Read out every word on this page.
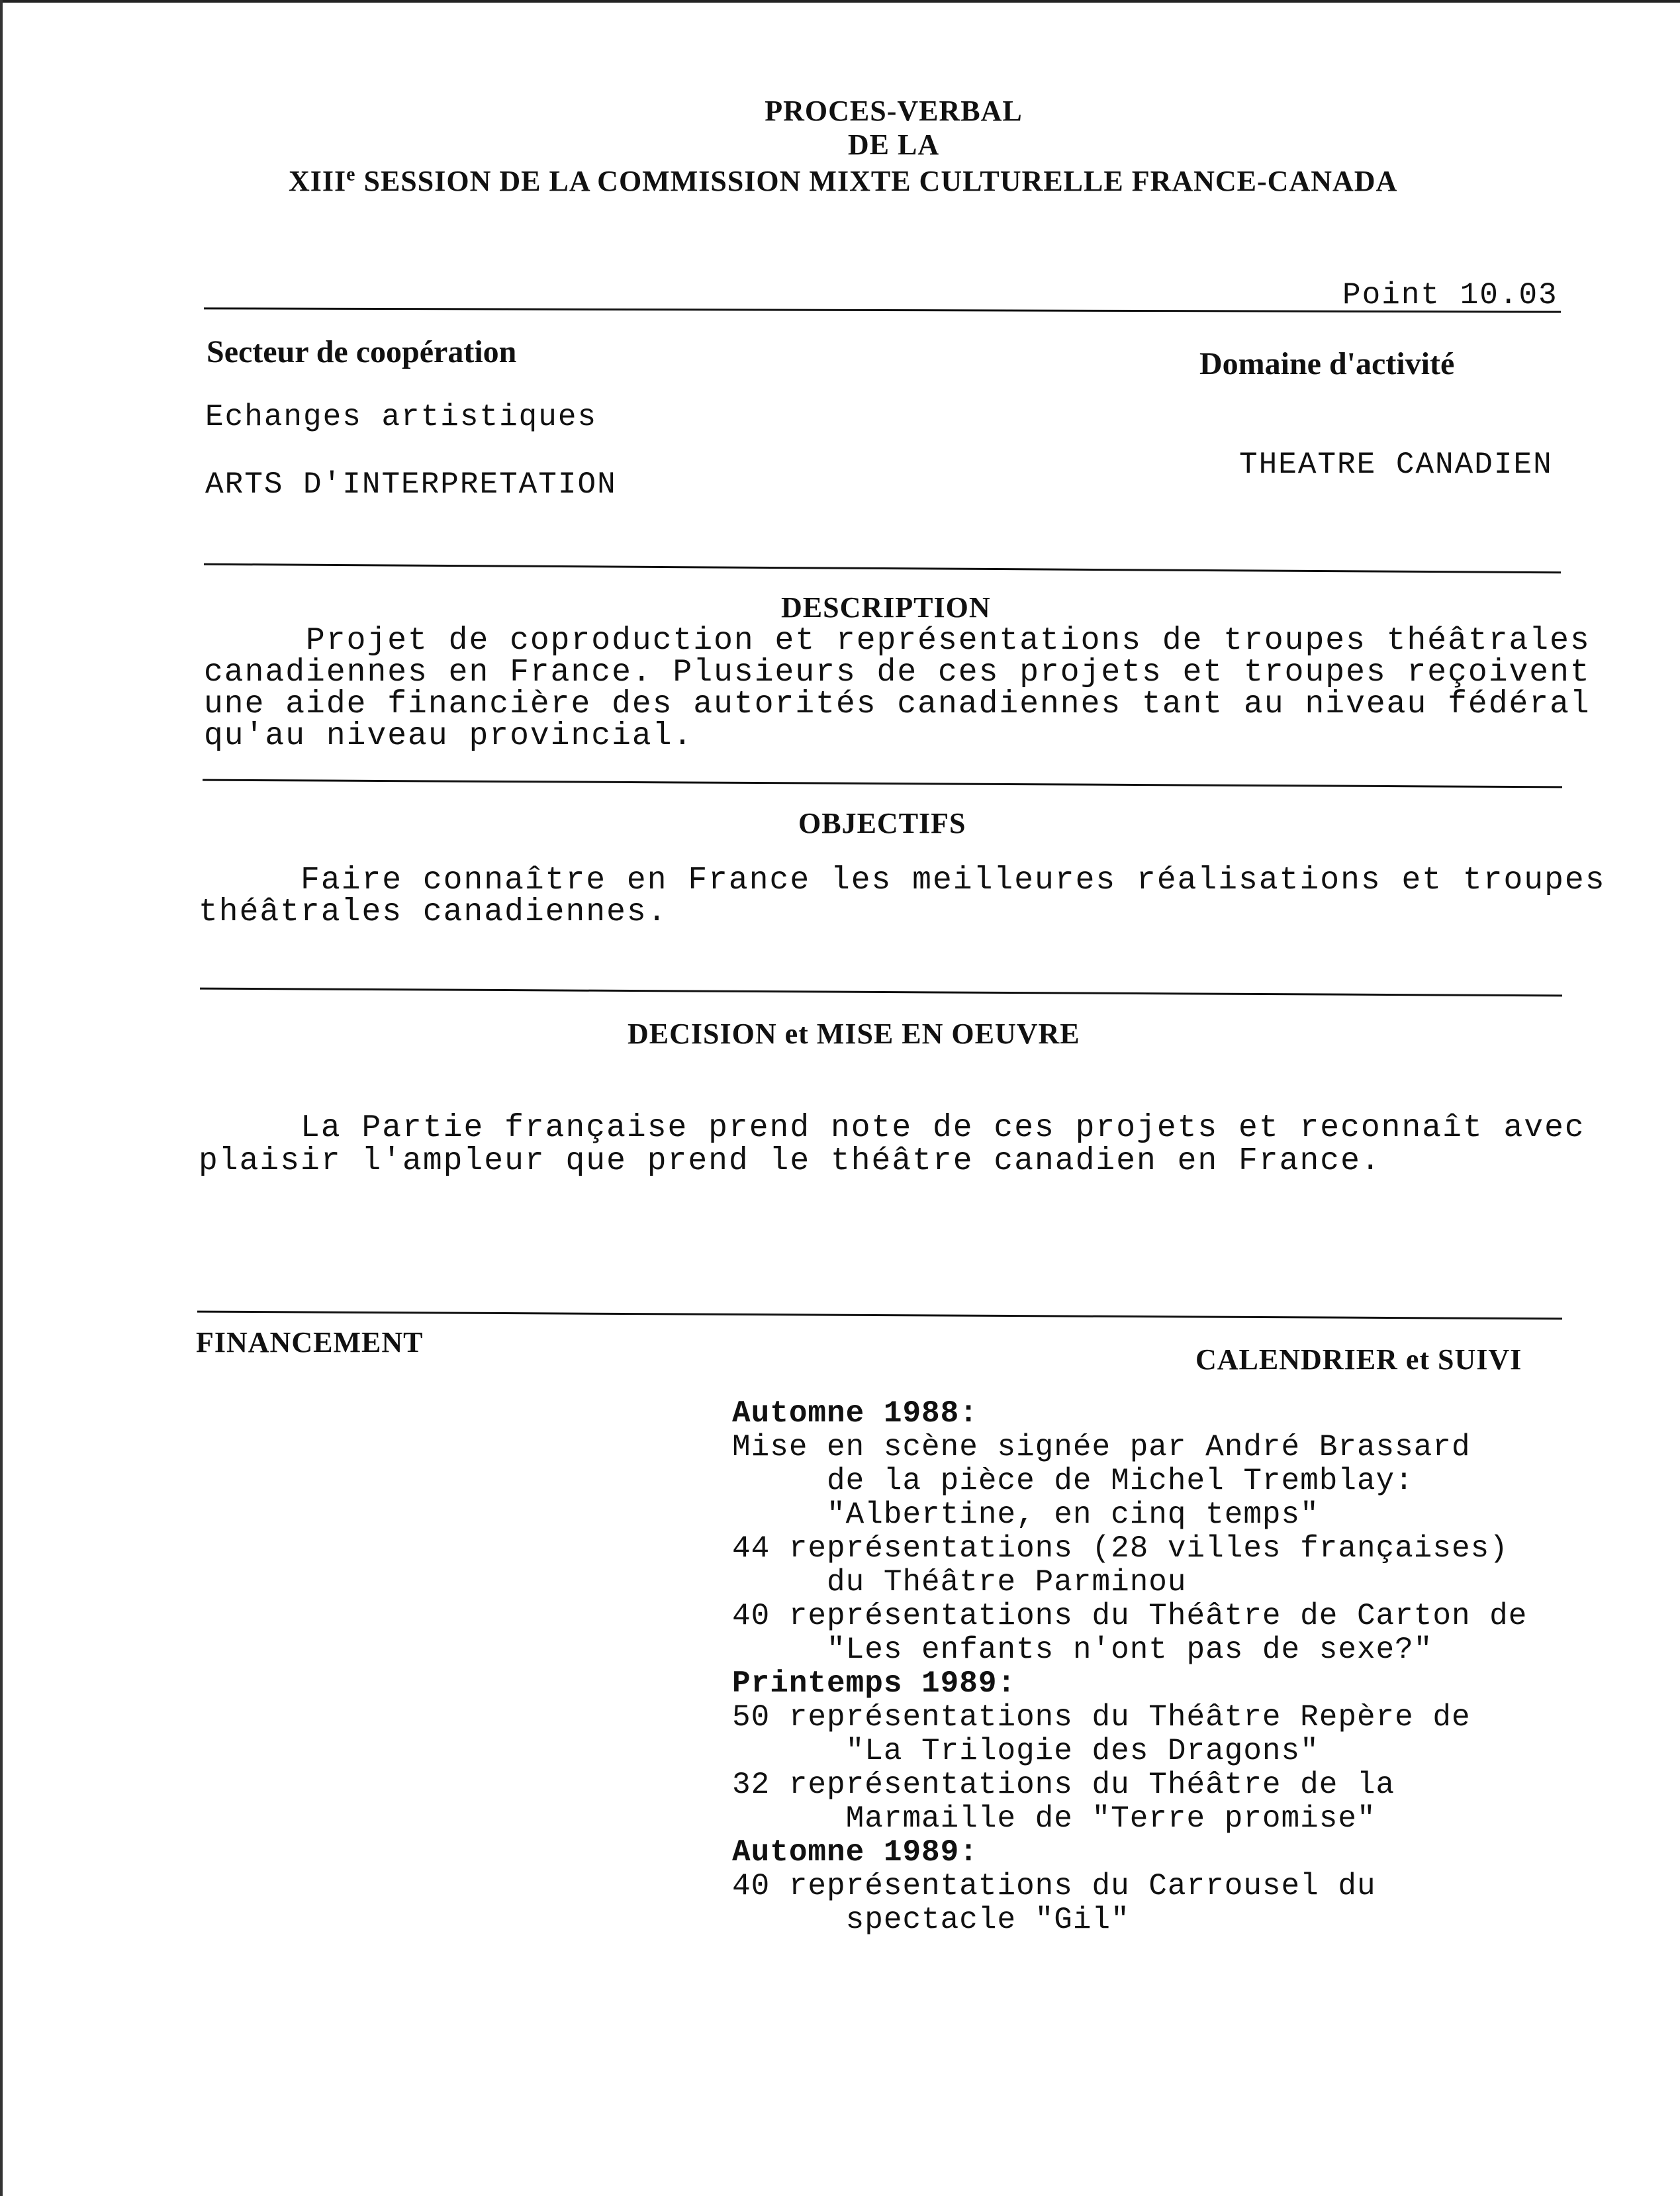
PROCES-VERBAL
DE LA
XIIIe SESSION DE LA COMMISSION MIXTE CULTURELLE FRANCE-CANADA
Point 10.03
Secteur de coopération	Domaine d'activité
Echanges artistiques
THEATRE CANADIEN
ARTS D'INTERPRETATION
DESCRIPTION
Projet de coproduction et représentations de troupes théâtrales
canadiennes en France. Plusieurs de ces projets et troupes reçoivent
une aide financière des autorités canadiennes tant au niveau fédéral
qu'au niveau provincial.
OBJECTIFS
Faire connaître en France les meilleures réalisations et troupes
théâtrales canadiennes.
DECISION et MISE EN OEUVRE
La Partie française prend note de ces projets et reconnaît avec
plaisir l'ampleur que prend le théâtre canadien en France.
FINANCEMENT
CALENDRIER et SUIVI
Automne 1988:
Mise en scène signée par André Brassard
de la pièce de Michel Tremblay:
"Albertine, en cinq temps"
44 représentations (28 villes françaises)
du Théâtre Parminou
40 représentations du Théâtre de Carton de
"Les enfants n'ont pas de sexe?"
Printemps 1989:
50 représentations du Théâtre Repère de
"La Trilogie des Dragons"
32 représentations du Théâtre de la
Marmaille de "Terre promise"
Automne 1989:
40 représentations du Carrousel du
spectacle "Gil"
